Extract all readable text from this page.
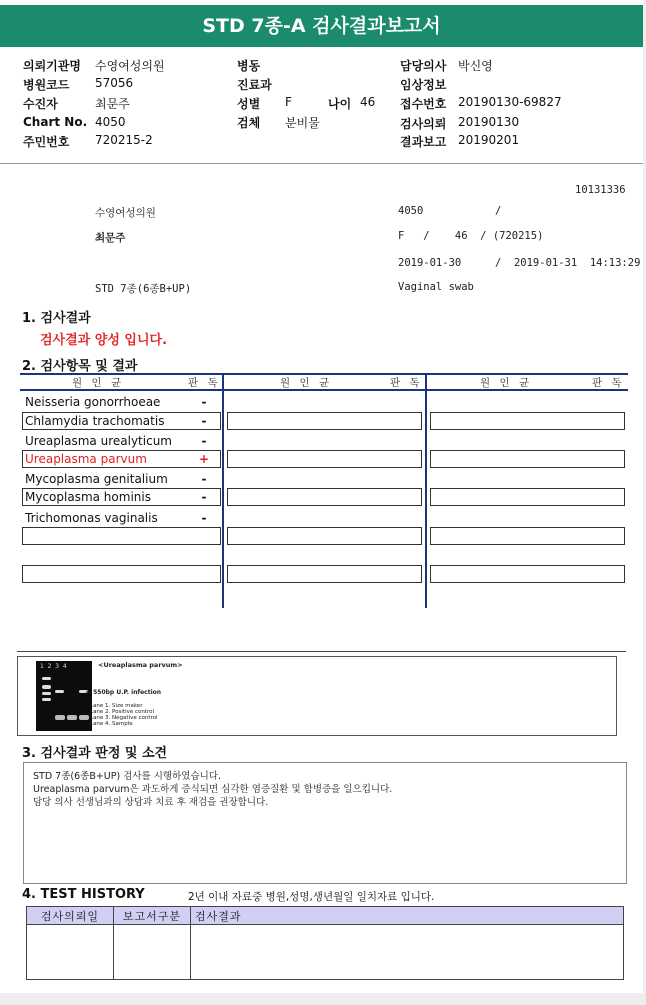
STD 7종-A 검사결과보고서
의뢰기관명 수영여성의원
병원코드 57056
수진자	최문주
Chart No. 4050
주민번호 720215-2
병동
진료과
성별 F	나이 46
검체 분비물
담당의사 박신영
임상정보
접수번호 20190130-69827
검사의뢰 20190130
결과보고 20190201
10131336
수영여성의원	4050	/
최문주	F   /    46  / (720215)
2019-01-30	/  2019-01-31  14:13:29
STD 7종(6종B+UP)	Vaginal swab
1. 검사결과
검사결과 양성 입니다.
2. 검사항목 및 결과
원 인 균	판 독	원 인 균	판 독	원 인 균	판 독
Neisseria gonorrhoeae	-
Chlamydia trachomatis	-
Ureaplasma urealyticum	-
Ureaplasma parvum	+
Mycoplasma genitalium	-
Mycoplasma hominis	-
Trichomonas vaginalis	-
1  2  3  4	<Ureaplasma parvum>
← 550bp U.P. infection
Lane 1. Size maker
Lane 2. Positive control
Lane 3. Negative control
Lane 4. Sample
3. 검사결과 판정 및 소견
STD 7종(6종B+UP) 검사를 시행하였습니다.
Ureaplasma parvum은 과도하게 증식되면 심각한 염증질환 및 합병증을 일으킵니다.
담당 의사 선생님과의 상담과 치료 후 재검을 권장합니다.
4. TEST HISTORY	2년 이내 자료중 병원,성명,생년월일 일치자료 입니다.
검사의뢰일	보고서구분	검사결과
